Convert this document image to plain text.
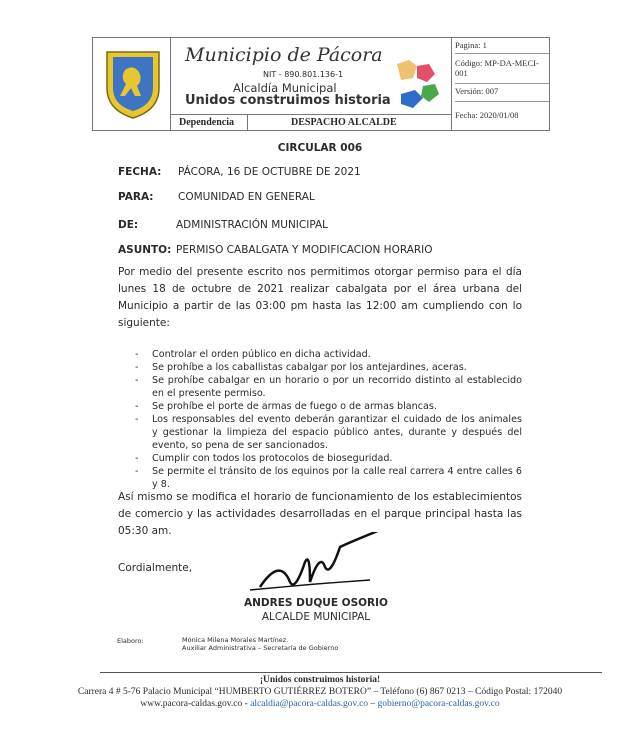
Municipio de Pácora
NIT - 890.801.136-1
Alcaldía Municipal
Unidos construimos historia
Dependencia	DESPACHO ALCALDE
Pagina: 1
Código: MP-DA-MECI-001
Versión: 007
Fecha: 2020/01/08
CIRCULAR 006
FECHA: PÁCORA, 16 DE OCTUBRE DE 2021
PARA: COMUNIDAD EN GENERAL
DE:	ADMINISTRACIÓN MUNICIPAL
ASUNTO: PERMISO CABALGATA Y MODIFICACION HORARIO
Por medio del presente escrito nos permitimos otorgar permiso para el día lunes 18 de octubre de 2021 realizar cabalgata por el área urbana del Municipio a partir de las 03:00 pm hasta las 12:00 am cumpliendo con lo siguiente:
- Controlar el orden público en dicha actividad.
- Se prohíbe a los caballistas cabalgar por los antejardines, aceras.
- Se prohíbe cabalgar en un horario o por un recorrido distinto al establecido en el presente permiso.
- Se prohíbe el porte de armas de fuego o de armas blancas.
- Los responsables del evento deberán garantizar el cuidado de los animales y gestionar la limpieza del espacio público antes, durante y después del evento, so pena de ser sancionados.
- Cumplir con todos los protocolos de bioseguridad.
- Se permite el tránsito de los equinos por la calle real carrera 4 entre calles 6 y 8.
Así mismo se modifica el horario de funcionamiento de los establecimientos de comercio y las actividades desarrolladas en el parque principal hasta las 05:30 am.
Cordialmente,
ANDRES DUQUE OSORIO
ALCALDE MUNICIPAL
Elaboro:	Mónica Milena Morales Martínez.
Auxiliar Administrativa – Secretaría de Gobierno
¡Unidos construimos historia!
Carrera 4 # 5-76 Palacio Municipal “HUMBERTO GUTIÉRREZ BOTERO” – Teléfono (6) 867 0213 – Código Postal: 172040
www.pacora-caldas.gov.co - alcaldia@pacora-caldas.gov.co – gobierno@pacora-caldas.gov.co
